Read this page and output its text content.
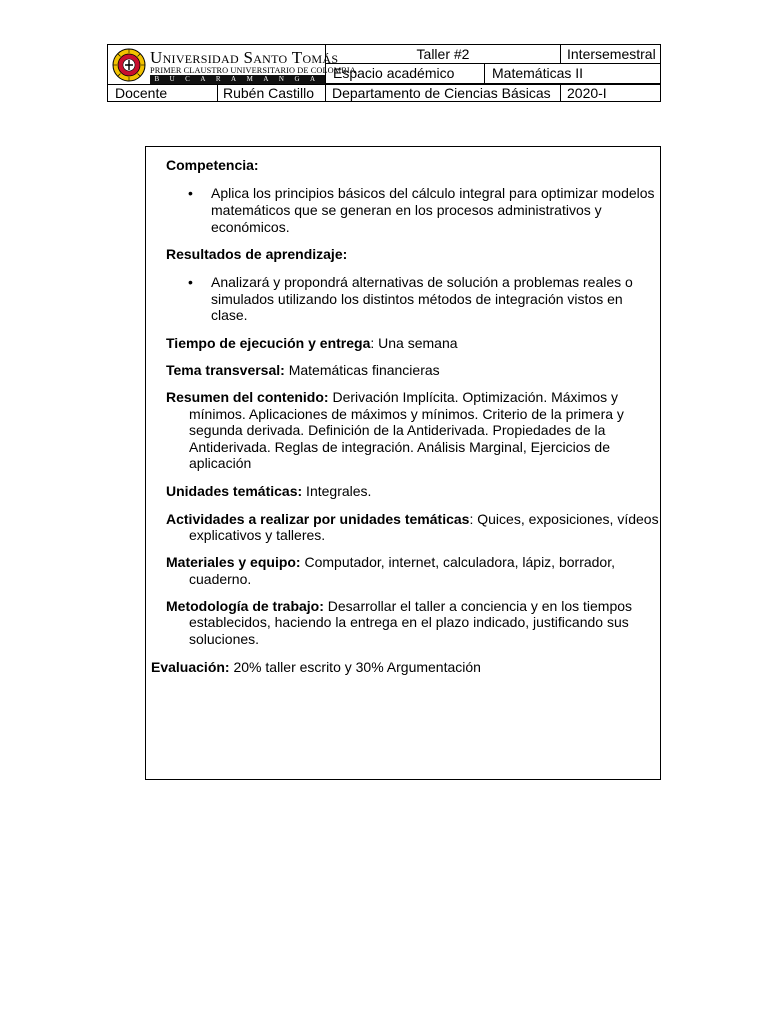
Universidad Santo Tomás
PRIMER CLAUSTRO UNIVERSITARIO DE COLOMBIA
BUCARAMANGA
Taller #2	Intersemestral
Espacio académico	Matemáticas II
Docente	Rubén Castillo	Departamento de Ciencias Básicas	2020-I
Competencia:
• Aplica los principios básicos del cálculo integral para optimizar modelos
matemáticos que se generan en los procesos administrativos y
económicos.
Resultados de aprendizaje:
• Analizará y propondrá alternativas de solución a problemas reales o
simulados utilizando los distintos métodos de integración vistos en
clase.
Tiempo de ejecución y entrega: Una semana
Tema transversal: Matemáticas financieras
Resumen del contenido: Derivación Implícita. Optimización. Máximos y
mínimos. Aplicaciones de máximos y mínimos. Criterio de la primera y
segunda derivada. Definición de la Antiderivada. Propiedades de la
Antiderivada. Reglas de integración. Análisis Marginal, Ejercicios de
aplicación
Unidades temáticas: Integrales.
Actividades a realizar por unidades temáticas: Quices, exposiciones, vídeos
explicativos y talleres.
Materiales y equipo: Computador, internet, calculadora, lápiz, borrador,
cuaderno.
Metodología de trabajo: Desarrollar el taller a conciencia y en los tiempos
establecidos, haciendo la entrega en el plazo indicado, justificando sus
soluciones.
Evaluación: 20% taller escrito y 30% Argumentación
